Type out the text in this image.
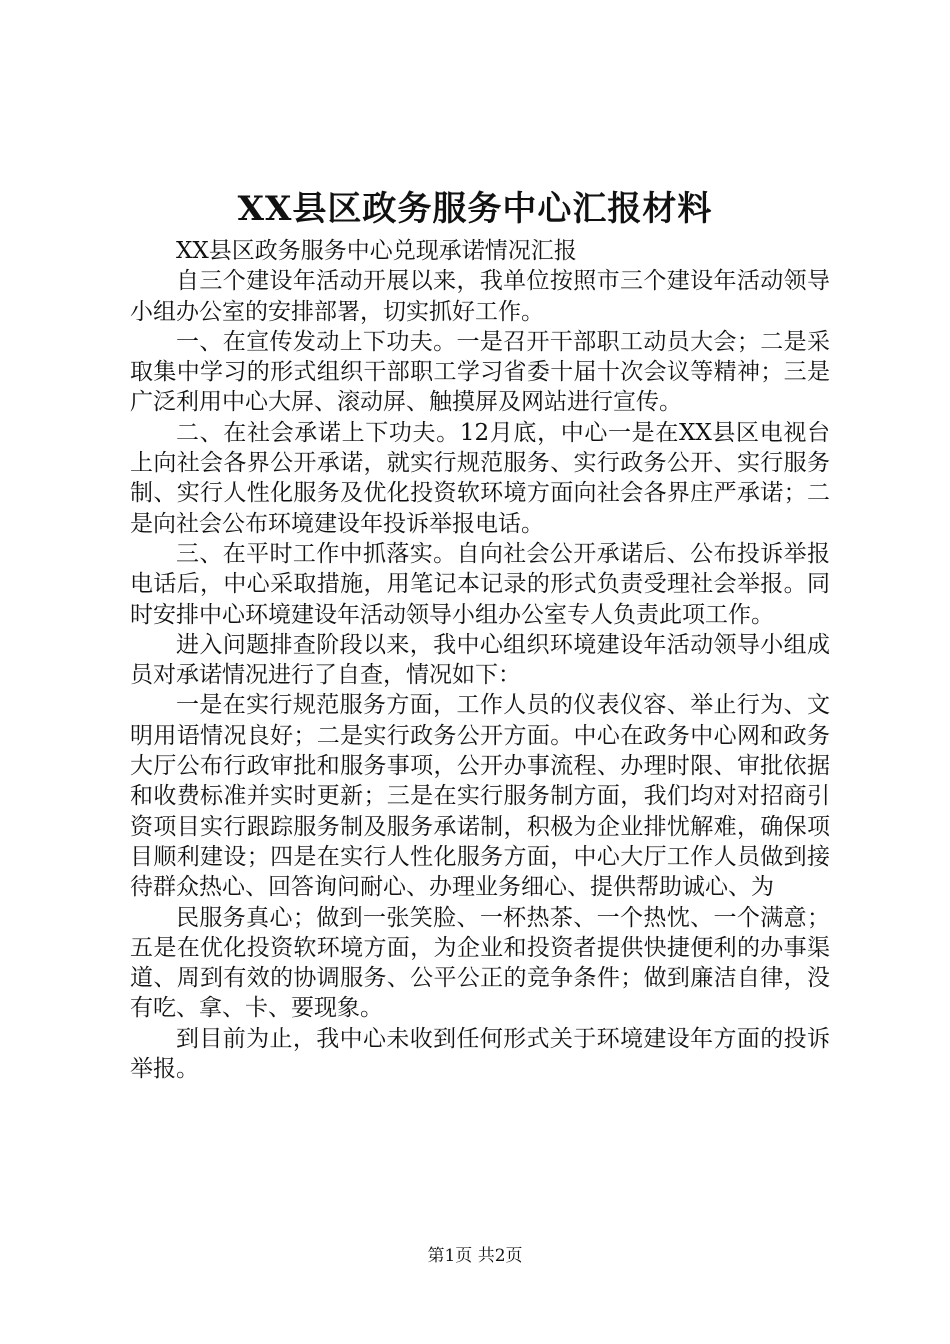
XX县区政务服务中心汇报材料

XX县区政务服务中心兑现承诺情况汇报

自三个建设年活动开展以来，我单位按照市三个建设年活动领导小组办公室的安排部署，切实抓好工作。

一、在宣传发动上下功夫。一是召开干部职工动员大会；二是采取集中学习的形式组织干部职工学习省委十届十次会议等精神；三是广泛利用中心大屏、滚动屏、触摸屏及网站进行宣传。

二、在社会承诺上下功夫。12月底，中心一是在XX县区电视台上向社会各界公开承诺，就实行规范服务、实行政务公开、实行服务制、实行人性化服务及优化投资软环境方面向社会各界庄严承诺；二是向社会公布环境建设年投诉举报电话。

三、在平时工作中抓落实。自向社会公开承诺后、公布投诉举报电话后，中心采取措施，用笔记本记录的形式负责受理社会举报。同时安排中心环境建设年活动领导小组办公室专人负责此项工作。

进入问题排查阶段以来，我中心组织环境建设年活动领导小组成员对承诺情况进行了自查，情况如下：

一是在实行规范服务方面，工作人员的仪表仪容、举止行为、文明用语情况良好；二是实行政务公开方面。中心在政务中心网和政务大厅公布行政审批和服务事项，公开办事流程、办理时限、审批依据和收费标准并实时更新；三是在实行服务制方面，我们均对对招商引资项目实行跟踪服务制及服务承诺制，积极为企业排忧解难，确保项目顺利建设；四是在实行人性化服务方面，中心大厅工作人员做到接待群众热心、回答询问耐心、办理业务细心、提供帮助诚心、为

民服务真心；做到一张笑脸、一杯热茶、一个热忱、一个满意；五是在优化投资软环境方面，为企业和投资者提供快捷便利的办事渠道、周到有效的协调服务、公平公正的竞争条件；做到廉洁自律，没有吃、拿、卡、要现象。

到目前为止，我中心未收到任何形式关于环境建设年方面的投诉举报。

第1页 共2页
